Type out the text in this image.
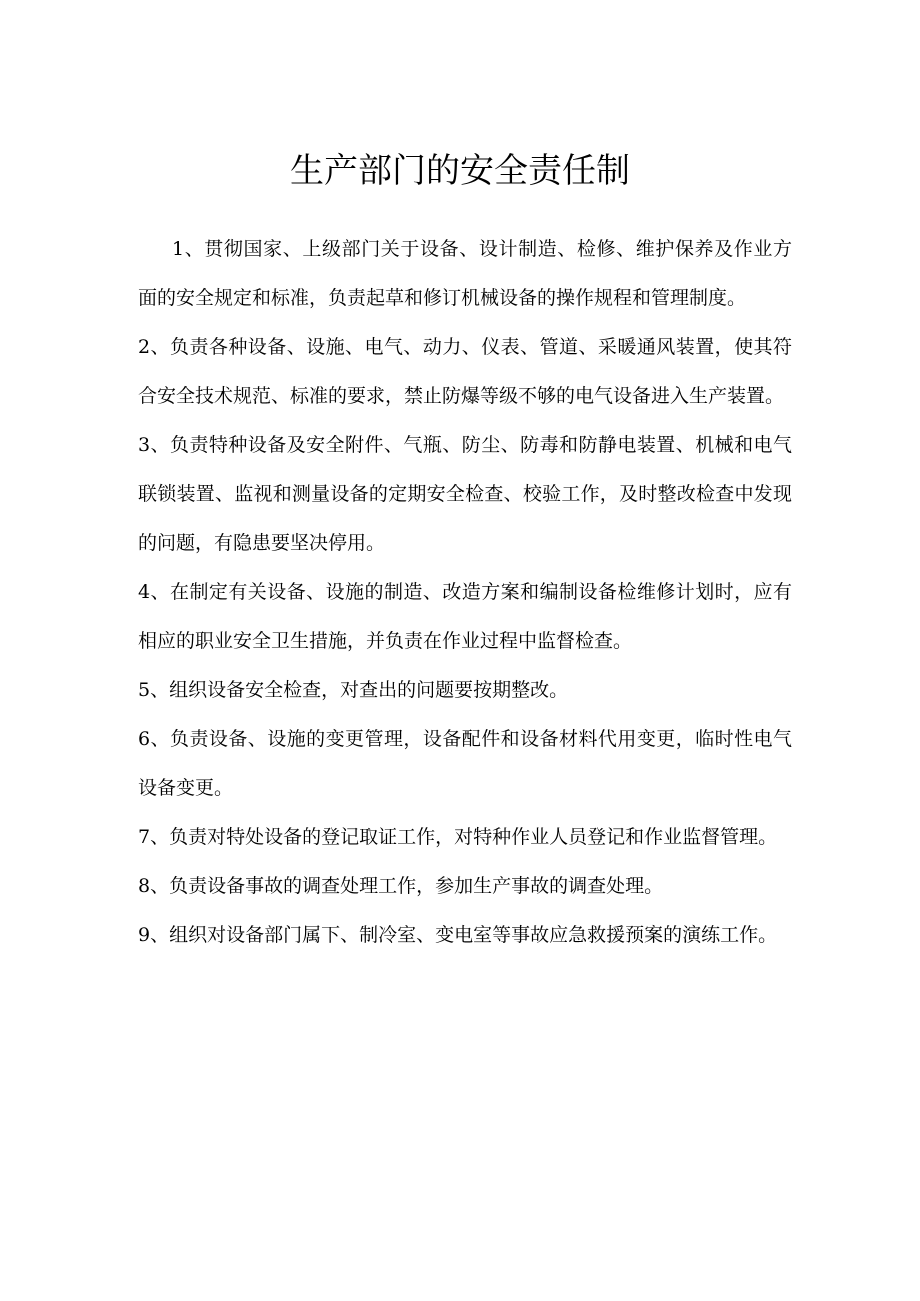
生产部门的安全责任制

1、贯彻国家、上级部门关于设备、设计制造、检修、维护保养及作业方面的安全规定和标准，负责起草和修订机械设备的操作规程和管理制度。

2、负责各种设备、设施、电气、动力、仪表、管道、采暖通风装置，使其符合安全技术规范、标准的要求，禁止防爆等级不够的电气设备进入生产装置。

3、负责特种设备及安全附件、气瓶、防尘、防毒和防静电装置、机械和电气联锁装置、监视和测量设备的定期安全检查、校验工作，及时整改检查中发现的问题，有隐患要坚决停用。

4、在制定有关设备、设施的制造、改造方案和编制设备检维修计划时，应有相应的职业安全卫生措施，并负责在作业过程中监督检查。

5、组织设备安全检查，对查出的问题要按期整改。

6、负责设备、设施的变更管理，设备配件和设备材料代用变更，临时性电气设备变更。

7、负责对特处设备的登记取证工作，对特种作业人员登记和作业监督管理。

8、负责设备事故的调查处理工作，参加生产事故的调查处理。

9、组织对设备部门属下、制冷室、变电室等事故应急救援预案的演练工作。
